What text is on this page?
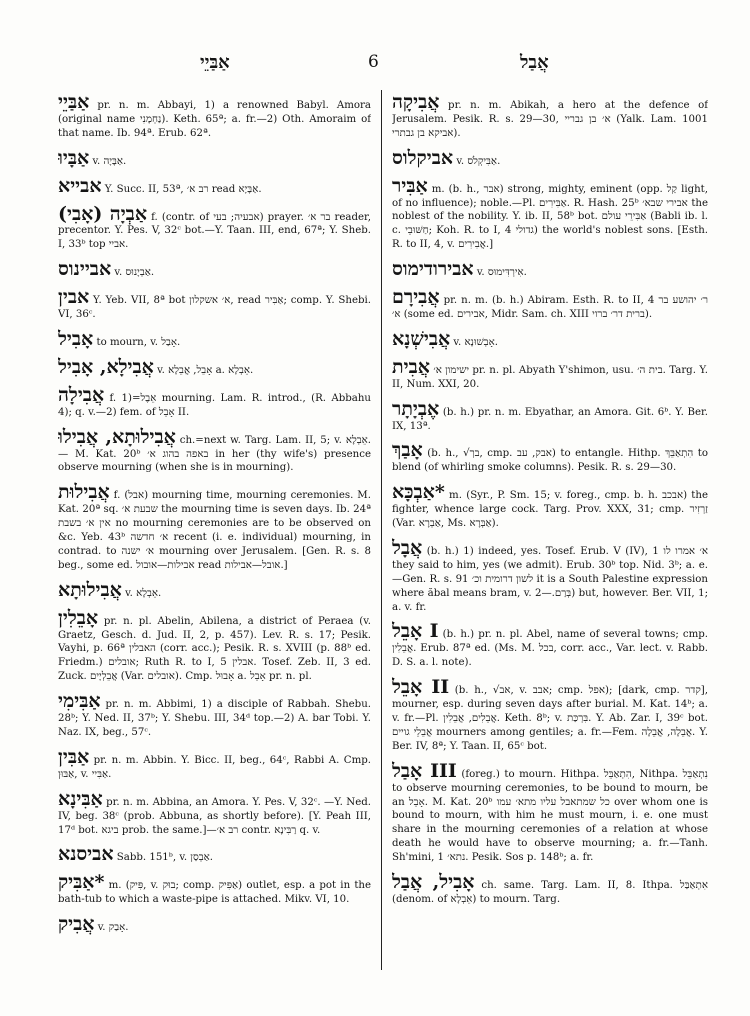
אַבַּיֵי	6	אֲבַל

אַבַּיֵי pr. n. m. Abbayi, 1) a renowned Babyl. Amora (original name נַחְמָנִי). Keth. 65ª; a. fr.—2) Oth. Amoraim of that name. Ib. 94ª. Erub. 62ª.

אַבָּיוּ v. אַבָּיָה.

אבייא Y. Succ. II, 53ª, רב א׳ read אַבָּיָא.

אַבְיָה (אָבִי) f. (contr. of אבעיה; בעי) prayer. בר א׳ reader, precentor. Y. Pes. V, 32ᶜ bot.—Y. Taan. III, end, 67ª; Y. Sheb. I, 33ᵇ top אביי.

אביינוס v. אַבְיָנוּס.

אבין Y. Yeb. VII, 8ª bot א׳ אשקלון, read אַבִּיר; comp. Y. Shebi. VI, 36ᶜ.

אָבִיל to mourn, v. אָבַל.

אֲבִילָא, אָבִיל v. אָבֵל, אֲבֵלָא a. אֵבְלָא.

אֲבִילָה f. 1)=אֵבֶל mourning. Lam. R. introd., (R. Abbahu 4); q. v.—2) fem. of אָבֵל II.

אֲבִילוּתָא, אֲבִילוּ ch.=next w. Targ. Lam. II, 5; v. אֵבְלָא. — M. Kat. 20ᵇ באפה בהוג א׳ in her (thy wife's) presence observe mourning (when she is in mourning).

אֲבִילוּת f. (אבל) mourning time, mourning ceremonies. M. Kat. 20ª sq. שבעת א׳ the mourning time is seven days. Ib. 24ª אין א׳ בשבת no mourning ceremonies are to be observed on &c. Yeb. 43ᵇ א׳ חדשה recent (i. e. individual) mourning, in contrad. to א׳ ישנה mourning over Jerusalem. [Gen. R. s. 8 beg., some ed. אבילות—אובול read אובל—אבילות.]

אֲבִילוּתָא v. אֵבְלָא.

אָבֵלִין pr. n. pl. Abelin, Abilena, a district of Peraea (v. Graetz, Gesch. d. Jud. II, 2, p. 457). Lev. R. s. 17; Pesik. Vayhi, p. 66ª האבלין (corr. acc.); Pesik. R. s. XVIII (p. 88ᵇ ed. Friedm.) אובלים; Ruth R. to I, 5 אבלין. Tosef. Zeb. II, 3 ed. Zuck. אֲבֵלְיָים (Var. אובלים). Cmp. אָבוּל a. אָבֵל pr. n. pl.

אַבִּימִי pr. n. m. Abbimi, 1) a disciple of Rabbah. Shebu. 28ᵇ; Y. Ned. II, 37ᵇ; Y. Shebu. III, 34ᵈ top.—2) A. bar Tobi. Y. Naz. IX, beg., 57ᶜ.

אַבִּין pr. n. m. Abbin. Y. Bicc. II, beg., 64ᶜ, Rabbi A. Cmp. אַבּוּן, v. אַבִּיי.

אַבִּינָא pr. n. m. Abbina, an Amora. Y. Pes. V, 32ᶜ. —Y. Ned. IV, beg. 38ᶜ (prob. Abbuna, as shortly before). [Y. Peah III, 17ᵈ bot. ביגא prob. the same.]—רב א׳ contr. רַבִּינָא q. v.

אביסנא Sabb. 151ᵇ, v. אַבְסַן.

*אַבִּיק m. (פִּיק, v. בוּק; comp. אַפִּיק) outlet, esp. a pot in the bath-tub to which a waste-pipe is attached. Mikv. VI, 10.

אֲבִיק v. אָבַק.

אֲבִיקָה pr. n. m. Abikah, a hero at the defence of Jerusalem. Pesik. R. s. 29—30, א׳ בן גבריי (Yalk. Lam. 1001 אביקא בן גבתרי).

אביקלוס v. אַבִּיקְלֹס.

אַבִּיר m. (b. h., אבר) strong, mighty, eminent (opp. קַל light, of no influence); noble.—Pl. אַבִּירִים. R. Hash. 25ᵇ אבירי שבא׳ the noblest of the nobility. Y. ib. II, 58ᵇ bot. אַבִּירֵי עולם (Babli ib. l. c. חַשּׁוּבֵי; Koh. R. to I, 4 גדולי) the world's noblest sons. [Esth. R. to II, 4, v. אֲבִירִים.]

אבירודימוס v. אִירְדִּימוּס.

אֲבִירָם pr. n. m. (b. h.) Abiram. Esth. R. to II, 4 ר׳ יהושע בר א׳ (some ed. אבירים, Midr. Sam. ch. XIII ברית דר׳ ברוי).

אֲבִישְׁנָא v. אָבְשׁוּנָא.

אֲבִית ישימון א׳ pr. n. pl. Abyath Y'shimon, usu. בית ה׳. Targ. Y. II, Num. XXI, 20.

אֶבְיָתָר (b. h.) pr. n. m. Ebyathar, an Amora. Git. 6ᵇ. Y. Ber. IX, 13ª.

אָבַךְ (b. h., √בך, cmp. אבק, עב) to entangle. Hithp. הִתְאַבֵּךְ to blend (of whirling smoke columns). Pesik. R. s. 29—30.

*אַבְכָּא m. (Syr., P. Sm. 15; v. foreg., cmp. b. h. אבכב) the fighter, whence large cock. Targ. Prov. XXX, 31; cmp. זַרְזִיר (Var. אַבְרָא, Ms. אַבְּרָא).

אֲבָל (b. h.) 1) indeed, yes. Tosef. Erub. V (IV), 1 א׳ אמרו לו they said to him, yes (we admit). Erub. 30ᵇ top. Nid. 3ᵇ; a. e.—Gen. R. s. 91 לשון דרומית וכ׳ it is a South Palestine expression where ăbal means bram, v. בְּרַם.—2) but, however. Ber. VII, 1; a. v. fr.

I אָבֵל (b. h.) pr. n. pl. Abel, name of several towns; cmp. אֲבֵלִין. Erub. 87ª ed. (Ms. M. בכל, corr. acc., Var. lect. v. Rabb. D. S. a. l. note).

II אָבֵל (b. h., √אב, v. אבב; cmp. אפל); [dark, cmp. קדר], mourner, esp. during seven days after burial. M. Kat. 14ᵇ; a. v. fr.—Pl. אֲבֵלִים, אֲבֵלִין. Keth. 8ᵇ; v. בִּרְכַּת. Y. Ab. Zar. I, 39ᶜ bot. אֲבֵלֵי גויים mourners among gentiles; a. fr.—Fem. אֲבֵלָה, אֲבֵלָה. Y. Ber. IV, 8ª; Y. Taan. II, 65ᶜ bot.

III אָבַל (foreg.) to mourn. Hithpa. הִתְאַבֵּל, Nithpa. נִתְאַבֵּל to observe mourning ceremonies, to be bound to mourn, be an אָבֵל. M. Kat. 20ᵇ כל שמתאבל עליו מתא׳ עמו over whom one is bound to mourn, with him he must mourn, i. e. one must share in the mourning ceremonies of a relation at whose death he would have to observe mourning; a. fr.—Tanh. Sh'mini, 1 נתא׳. Pesik. Sos p. 148ᵇ; a. fr.

אָבִיל, אֲבַל ch. same. Targ. Lam. II, 8. Ithpa. אִתְאַבַּל (denom. of אֵבְלָא) to mourn. Targ.
